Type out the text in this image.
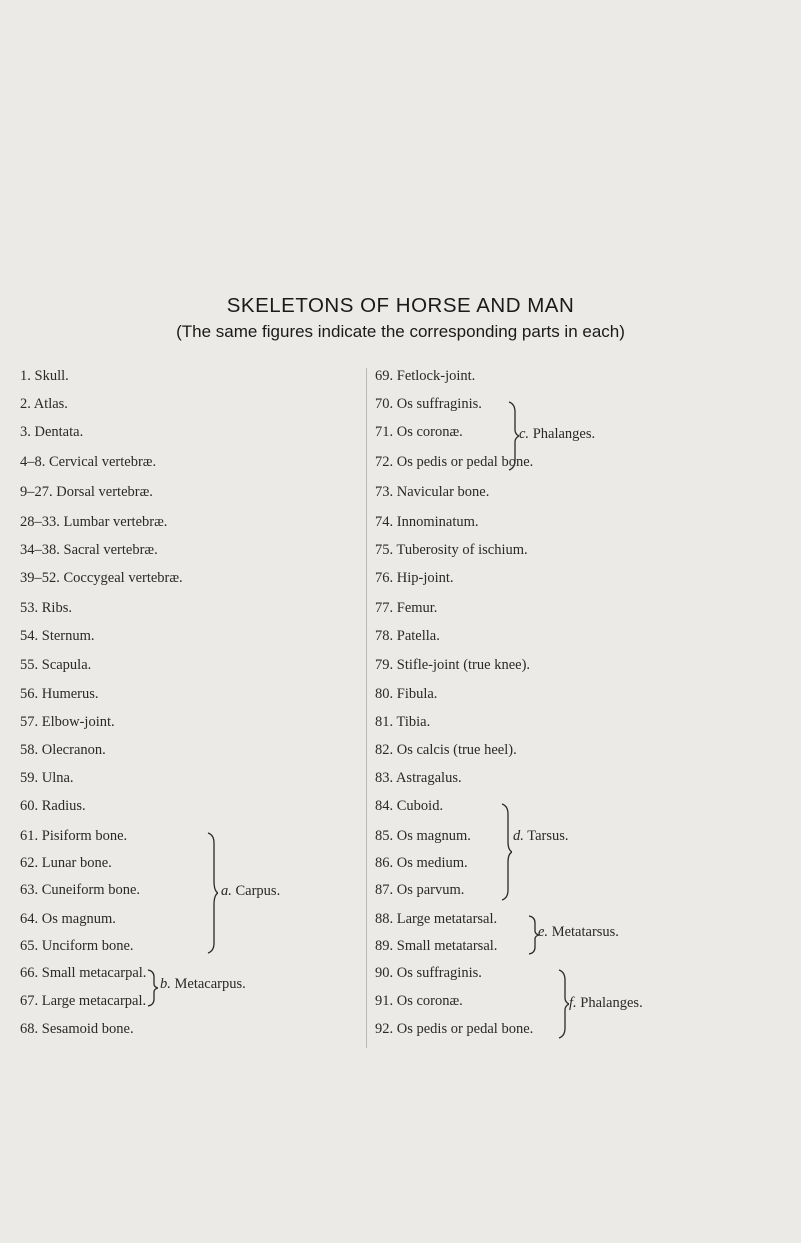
SKELETONS OF HORSE AND MAN
(The same figures indicate the corresponding parts in each)
1. Skull.
2. Atlas.
3. Dentata.
4–8. Cervical vertebræ.
9–27. Dorsal vertebræ.
28–33. Lumbar vertebræ.
34–38. Sacral vertebræ.
39–52. Coccygeal vertebræ.
53. Ribs.
54. Sternum.
55. Scapula.
56. Humerus.
57. Elbow-joint.
58. Olecranon.
59. Ulna.
60. Radius.
61. Pisiform bone.
62. Lunar bone.
63. Cuneiform bone.
64. Os magnum.
65. Unciform bone.
66. Small metacarpal.
67. Large metacarpal.
68. Sesamoid bone.
a. Carpus.
b. Metacarpus.
69. Fetlock-joint.
70. Os suffraginis.
71. Os coronæ.
72. Os pedis or pedal bone.
73. Navicular bone.
74. Innominatum.
75. Tuberosity of ischium.
76. Hip-joint.
77. Femur.
78. Patella.
79. Stifle-joint (true knee).
80. Fibula.
81. Tibia.
82. Os calcis (true heel).
83. Astragalus.
84. Cuboid.
85. Os magnum.
86. Os medium.
87. Os parvum.
88. Large metatarsal.
89. Small metatarsal.
90. Os suffraginis.
91. Os coronæ.
92. Os pedis or pedal bone.
c. Phalanges.
d. Tarsus.
e. Metatarsus.
f. Phalanges.
